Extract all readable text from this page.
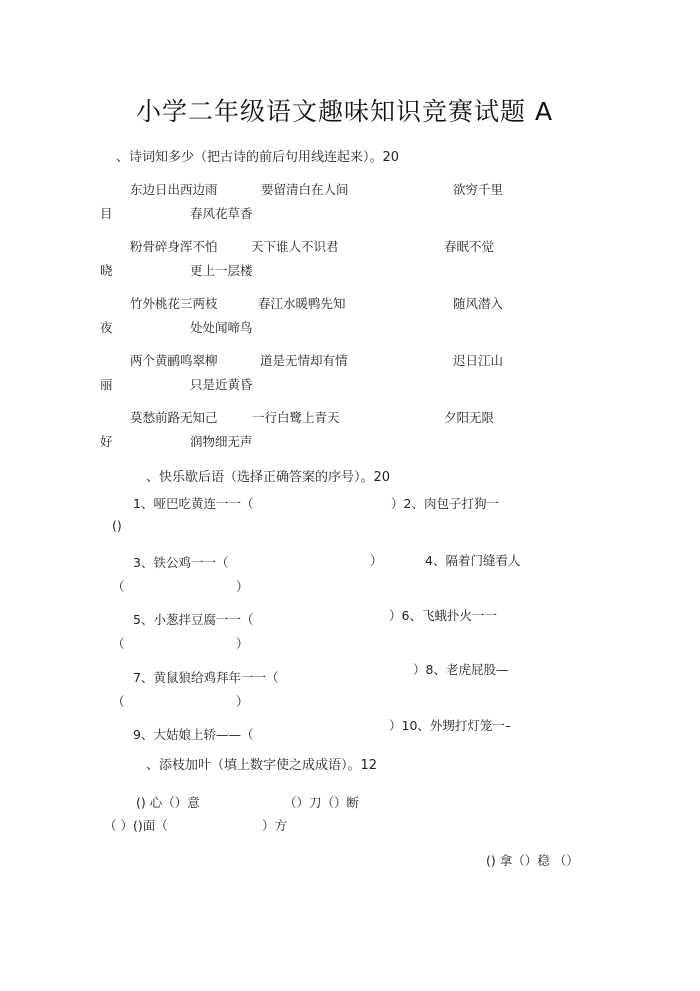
小学二年级语文趣味知识竞赛试题 A
、诗词知多少（把古诗的前后句用线连起来）。20
东边日出西边雨	要留清白在人间	欲穷千里
目	春风花草香
粉骨碎身浑不怕	天下谁人不识君	春眠不觉
晓	更上一层楼
竹外桃花三两枝	春江水暖鸭先知	随风潜入
夜	处处闻啼鸟
两个黄鹂鸣翠柳	道是无情却有情	迟日江山
丽	只是近黄昏
莫愁前路无知己	一行白鹭上青天	夕阳无限
好	润物细无声
、快乐歇后语（选择正确答案的序号）。20
1、哑巴吃黄连一一（	）2、肉包子打狗一
()
3、铁公鸡一一（	）	4、隔着门缝看人
（	）
5、小葱拌豆腐一一（	）6、飞蛾扑火一一
（	）
7、黄鼠狼给鸡拜年一一（
）8、老虎屁股—
（	）
9、大姑娘上轿——（
）10、外甥打灯笼一–
、添枝加叶（填上数字使之成成语）。12
() 心（）意	（）刀（）断
（ ）()面（	）方
() 拿（）稳 （）
